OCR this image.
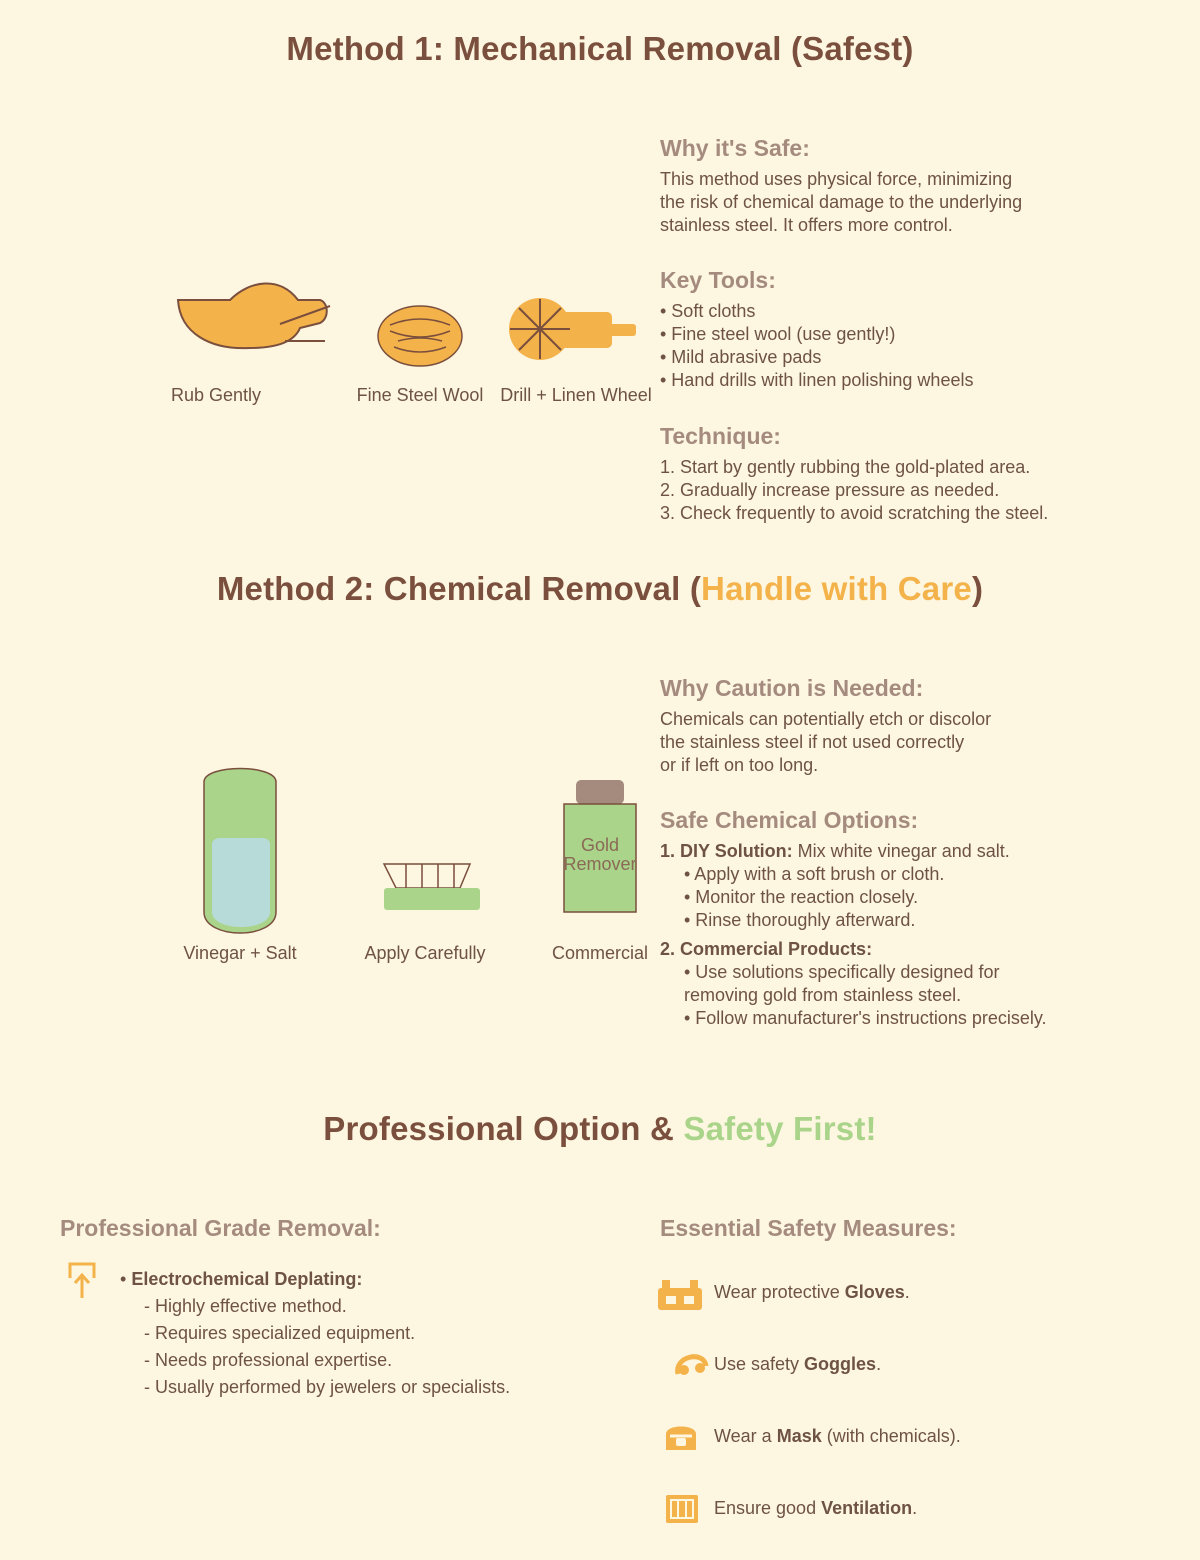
Method 1: Mechanical Removal (Safest)
Rub Gently	Fine Steel Wool Drill + Linen Wheel
Why it's Safe:
This method uses physical force, minimizing
the risk of chemical damage to the underlying
stainless steel. It offers more control.
Key Tools:
• Soft cloths
• Fine steel wool (use gently!)
• Mild abrasive pads
• Hand drills with linen polishing wheels
Technique:
1. Start by gently rubbing the gold-plated area.
2. Gradually increase pressure as needed.
3. Check frequently to avoid scratching the steel.
Method 2: Chemical Removal (Handle with Care)
Vinegar + Salt	Apply Carefully
Gold
Remover
Commercial
Why Caution is Needed:
Chemicals can potentially etch or discolor
the stainless steel if not used correctly
or if left on too long.
Safe Chemical Options:
1. DIY Solution: Mix white vinegar and salt.
• Apply with a soft brush or cloth.
• Monitor the reaction closely.
• Rinse thoroughly afterward.
2. Commercial Products:
• Use solutions specifically designed for
removing gold from stainless steel.
• Follow manufacturer's instructions precisely.
Professional Option & Safety First!
Professional Grade Removal:
• Electrochemical Deplating:
- Highly effective method.
- Requires specialized equipment.
- Needs professional expertise.
- Usually performed by jewelers or specialists.
Essential Safety Measures:
Wear protective Gloves.
Use safety Goggles.
Wear a Mask (with chemicals).
Ensure good Ventilation.
